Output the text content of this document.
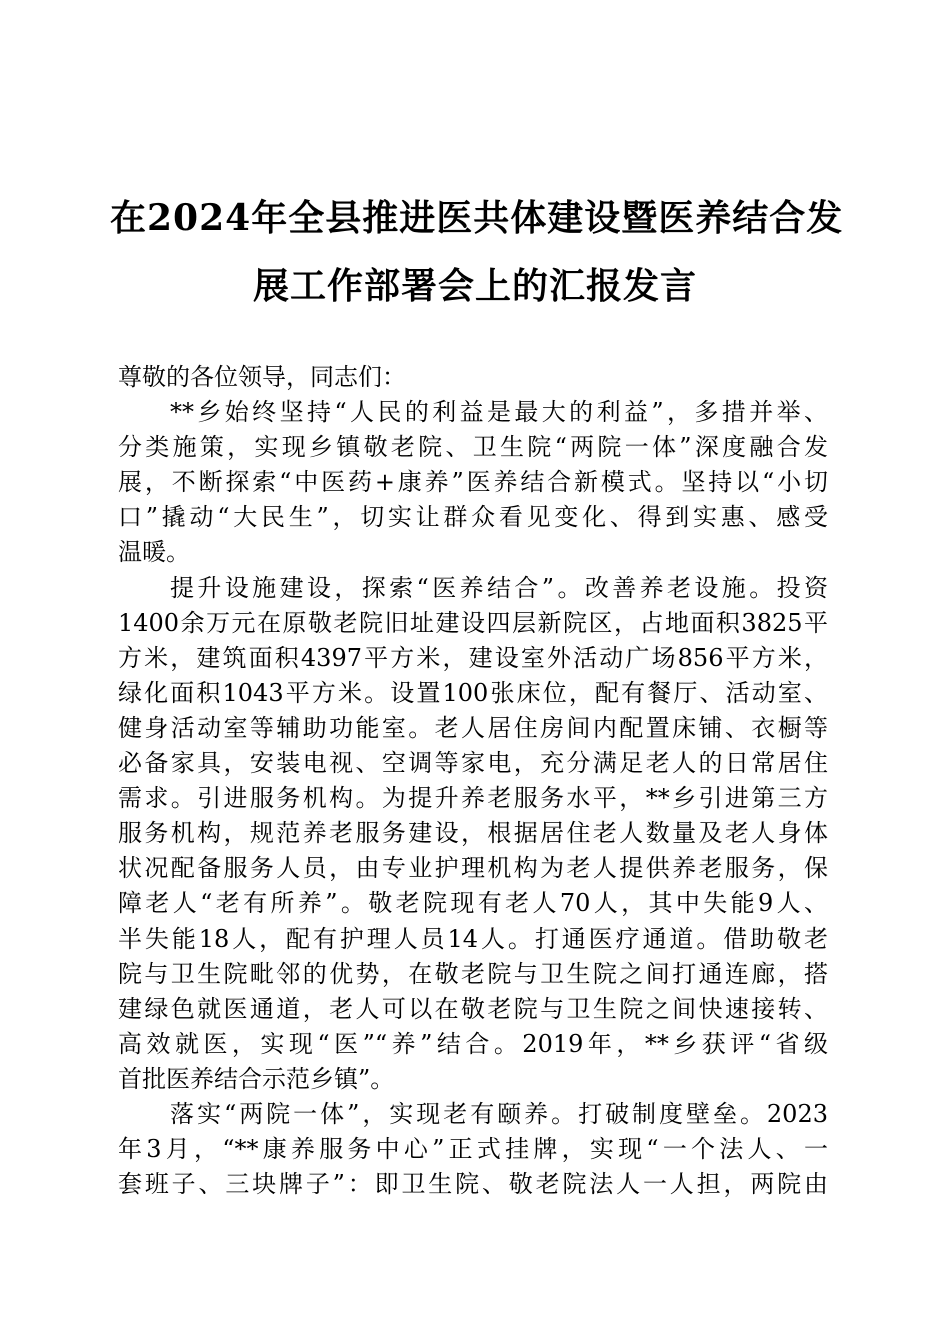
在2024年全县推进医共体建设暨医养结合发
展工作部署会上的汇报发言
尊敬的各位领导，同志们：
**乡始终坚持“人民的利益是最大的利益”，多措并举、
分类施策，实现乡镇敬老院、卫生院“两院一体”深度融合发
展，不断探索“中医药+康养”医养结合新模式。坚持以“小切
口”撬动“大民生”，切实让群众看见变化、得到实惠、感受
温暖。
提升设施建设，探索“医养结合”。改善养老设施。投资
1400余万元在原敬老院旧址建设四层新院区，占地面积3825平
方米，建筑面积4397平方米，建设室外活动广场856平方米，
绿化面积1043平方米。设置100张床位，配有餐厅、活动室、
健身活动室等辅助功能室。老人居住房间内配置床铺、衣橱等
必备家具，安装电视、空调等家电，充分满足老人的日常居住
需求。引进服务机构。为提升养老服务水平，**乡引进第三方
服务机构，规范养老服务建设，根据居住老人数量及老人身体
状况配备服务人员，由专业护理机构为老人提供养老服务，保
障老人“老有所养”。敬老院现有老人70人，其中失能9人、
半失能18人，配有护理人员14人。打通医疗通道。借助敬老
院与卫生院毗邻的优势，在敬老院与卫生院之间打通连廊，搭
建绿色就医通道，老人可以在敬老院与卫生院之间快速接转、
高效就医，实现“医”“养”结合。2019年，**乡获评“省级
首批医养结合示范乡镇”。
落实“两院一体”，实现老有颐养。打破制度壁垒。2023
年3月，“**康养服务中心”正式挂牌，实现“一个法人、一
套班子、三块牌子”：即卫生院、敬老院法人一人担，两院由
